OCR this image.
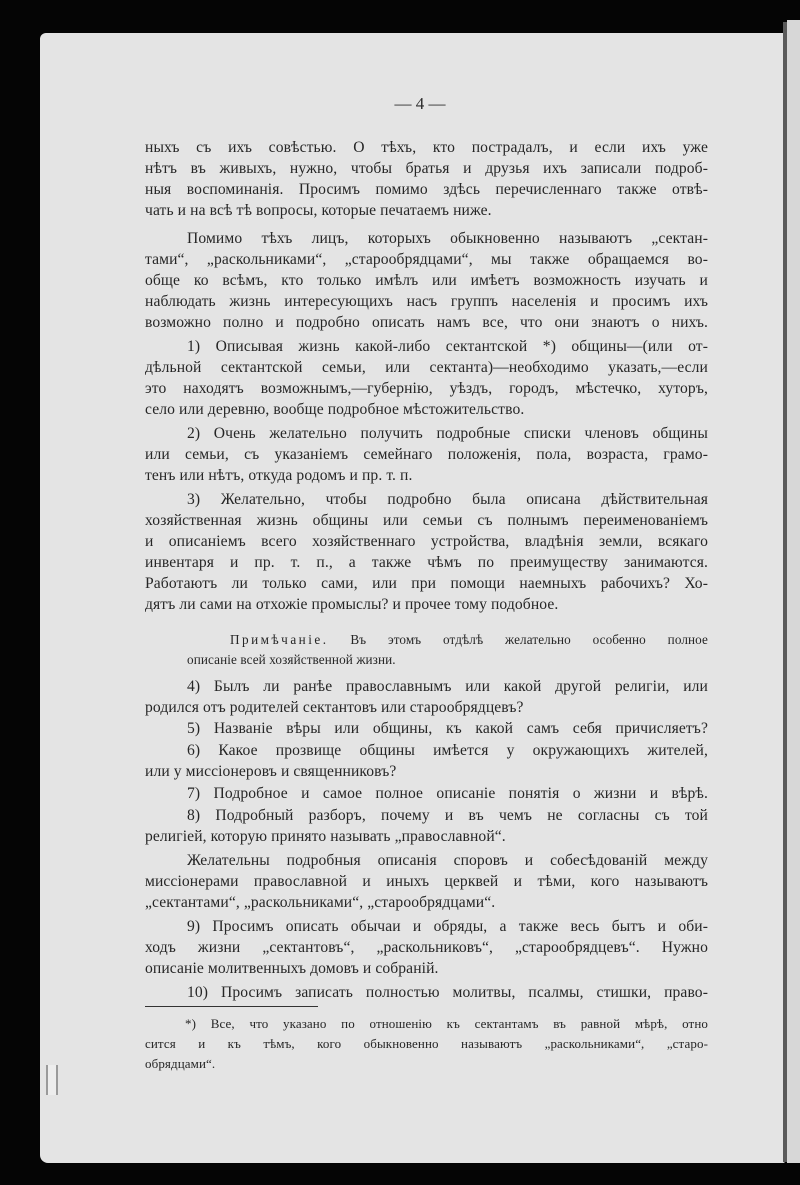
— 4 —
ныхъ съ ихъ совѣстью. О тѣхъ, кто пострадалъ, и если ихъ уже
нѣтъ въ живыхъ, нужно, чтобы братья и друзья ихъ записали подроб-
ныя воспоминанія. Просимъ помимо здѣсь перечисленнаго также отвѣ-
чать и на всѣ тѣ вопросы, которые печатаемъ ниже.
Помимо тѣхъ лицъ, которыхъ обыкновенно называютъ „сектан-
тами“, „раскольниками“, „старообрядцами“, мы также обращаемся во-
обще ко всѣмъ, кто только имѣлъ или имѣетъ возможность изучать и
наблюдать жизнь интересующихъ насъ группъ населенія и просимъ ихъ
возможно полно и подробно описать намъ все, что они знаютъ о нихъ.
1) Описывая жизнь какой-либо сектантской *) общины—(или от-
дѣльной сектантской семьи, или сектанта)—необходимо указать,—если
это находятъ возможнымъ,—губернію, уѣздъ, городъ, мѣстечко, хуторъ,
село или деревню, вообще подробное мѣстожительство.
2) Очень желательно получить подробные списки членовъ общины
или семьи, съ указаніемъ семейнаго положенія, пола, возраста, грамо-
тенъ или нѣтъ, откуда родомъ и пр. т. п.
3) Желательно, чтобы подробно была описана дѣйствительная
хозяйственная жизнь общины или семьи съ полнымъ переименованіемъ
и описаніемъ всего хозяйственнаго устройства, владѣнія земли, всякаго
инвентаря и пр. т. п., а также чѣмъ по преимуществу занимаются.
Работаютъ ли только сами, или при помощи наемныхъ рабочихъ? Хо-
дятъ ли сами на отхожіе промыслы? и прочее тому подобное.
Примѣчаніе. Въ этомъ отдѣлѣ желательно особенно полное
описаніе всей хозяйственной жизни.
4) Былъ ли ранѣе православнымъ или какой другой религіи, или
родился отъ родителей сектантовъ или старообрядцевъ?
5) Названіе вѣры или общины, къ какой самъ себя причисляетъ?
6) Какое прозвище общины имѣется у окружающихъ жителей,
или у миссіонеровъ и священниковъ?
7) Подробное и самое полное описаніе понятія о жизни и вѣрѣ.
8) Подробный разборъ, почему и въ чемъ не согласны съ той
религіей, которую принято называть „православной“.
Желательны подробныя описанія споровъ и собесѣдованій между
миссіонерами православной и иныхъ церквей и тѣми, кого называютъ
„сектантами“, „раскольниками“, „старообрядцами“.
9) Просимъ описать обычаи и обряды, а также весь бытъ и оби-
ходъ жизни „сектантовъ“, „раскольниковъ“, „старообрядцевъ“. Нужно
описаніе молитвенныхъ домовъ и собраній.
10) Просимъ записать полностью молитвы, псалмы, стишки, право-
*) Все, что указано по отношенію къ сектантамъ въ равной мѣрѣ, отно
сится и къ тѣмъ, кого обыкновенно называютъ „раскольниками“, „старо-
обрядцами“.
